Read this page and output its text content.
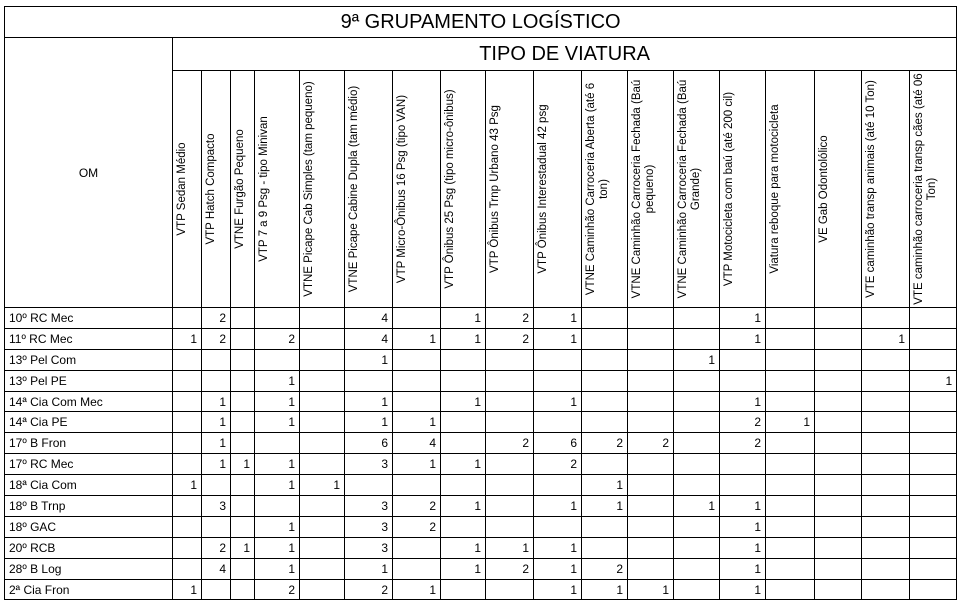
9ª GRUPAMENTO LOGÍSTICO																		
OM	TIPO DE VIATURA																	

	VTP Sedan Médio	VTP Hatch Compacto	VTNE Furgão Pequeno	VTP 7 a 9 Psg - tipo Minivan	VTNE Picape Cab Simples (tam pequeno)	VTNE Picape Cabine Dupla (tam médio)	VTP Micro-Ônibus 16 Psg (tipo VAN)	VTP Ônibus 25 Psg (tipo micro-ônibus)	VTP Ônibus Trnp Urbano 43 Psg	VTP Ônibus Interestadual 42 psg	VTNE Caminhão Carroceria Aberta (até 6 ton)	VTNE Caminhão Carroceria Fechada (Baú pequeno)	VTNE Caminhão Carroceria Fechada (Baú Grande)	VTP Motocicleta com baú (até 200 cil)	Viatura reboque para motocicleta	VE Gab Odontolólico	VTE caminhão transp animais (até 10 Ton)	VTE caminhão carroceria transp cães (até 06 Ton)

10º RC Mec		2				4		1	2	1				1				
11º RC Mec	1	2		2		4	1	1	2	1				1			1	
13º Pel Com						1							1					
13º Pel PE				1														1
14ª Cia Com Mec		1		1		1		1		1				1				
14ª Cia PE		1		1		1	1							2	1			
17º B Fron		1				6	4		2	6	2	2		2				
17º RC Mec		1	1	1		3	1	1		2								
18ª Cia Com	1			1	1						1							
18º B Trnp		3				3	2	1		1	1		1	1				
18º GAC				1		3	2							1				
20º RCB		2	1	1		3		1	1	1				1				
28º B Log		4		1		1		1	2	1	2			1				
2ª Cia Fron	1			2		2	1			1	1	1		1				
